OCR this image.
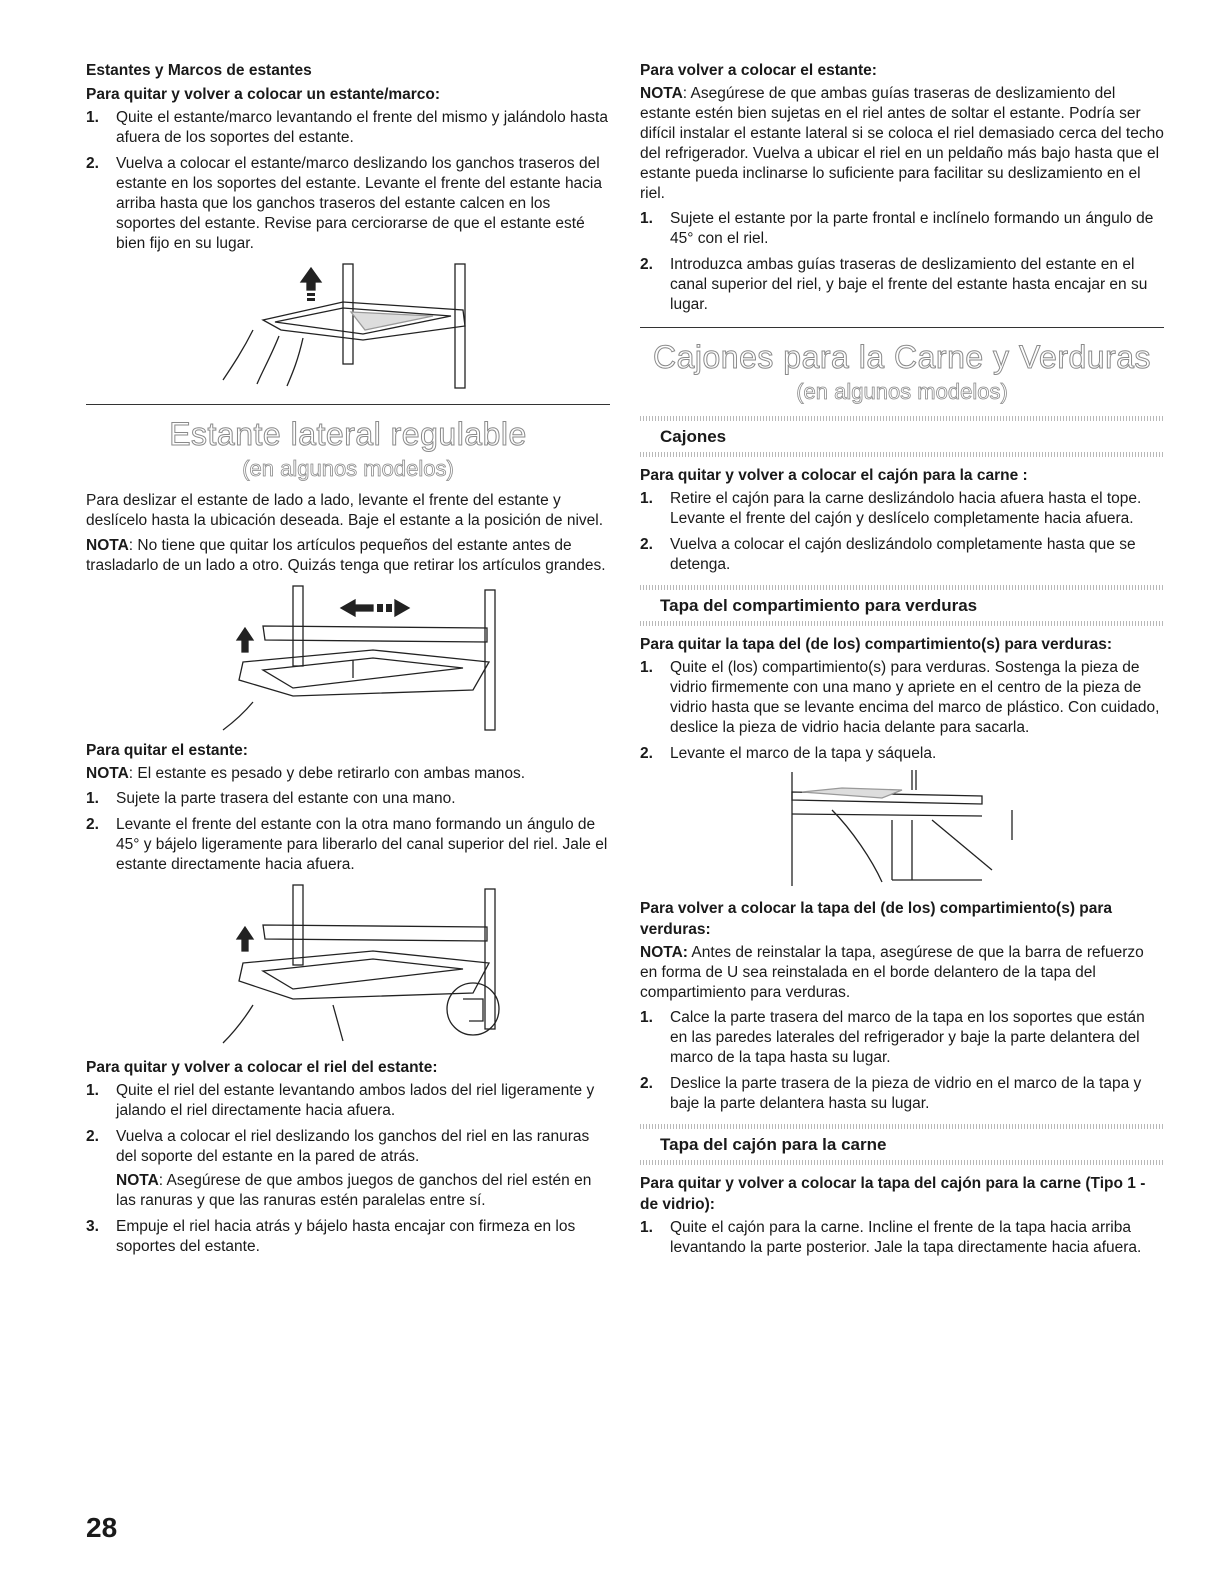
Estantes y Marcos de estantes
Para quitar y volver a colocar un estante/marco:
1. Quite el estante/marco levantando el frente del mismo y jalándolo hasta afuera de los soportes del estante.
2. Vuelva a colocar el estante/marco deslizando los ganchos traseros del estante en los soportes del estante. Levante el frente del estante hacia arriba hasta que los ganchos traseros del estante calcen en los soportes del estante. Revise para cerciorarse de que el estante esté bien fijo en su lugar.
Estante lateral regulable
(en algunos modelos)

Para deslizar el estante de lado a lado, levante el frente del estante y deslícelo hasta la ubicación deseada. Baje el estante a la posición de nivel.

NOTA: No tiene que quitar los artículos pequeños del estante antes de trasladarlo de un lado a otro. Quizás tenga que retirar los artículos grandes.

Para quitar el estante:

NOTA: El estante es pesado y debe retirarlo con ambas manos.

1. Sujete la parte trasera del estante con una mano.
2. Levante el frente del estante con la otra mano formando un ángulo de 45° y bájelo ligeramente para liberarlo del canal superior del riel. Jale el estante directamente hacia afuera.
Para quitar y volver a colocar el riel del estante:
1. Quite el riel del estante levantando ambos lados del riel ligeramente y jalando el riel directamente hacia afuera.
2. Vuelva a colocar el riel deslizando los ganchos del riel en las ranuras del soporte del estante en la pared de atrás.
NOTA: Asegúrese de que ambos juegos de ganchos del riel estén en las ranuras y que las ranuras estén paralelas entre sí.
3. Empuje el riel hacia atrás y bájelo hasta encajar con firmeza en los soportes del estante.
Para volver a colocar el estante:

NOTA: Asegúrese de que ambas guías traseras de deslizamiento del estante estén bien sujetas en el riel antes de soltar el estante. Podría ser difícil instalar el estante lateral si se coloca el riel demasiado cerca del techo del refrigerador. Vuelva a ubicar el riel en un peldaño más bajo hasta que el estante pueda inclinarse lo suficiente para facilitar su deslizamiento en el riel.

1. Sujete el estante por la parte frontal e inclínelo formando un ángulo de 45° con el riel.
2. Introduzca ambas guías traseras de deslizamiento del estante en el canal superior del riel, y baje el frente del estante hasta encajar en su lugar.
Cajones para la Carne y Verduras
(en algunos modelos)
Cajones
Para quitar y volver a colocar el cajón para la carne :
1. Retire el cajón para la carne deslizándolo hacia afuera hasta el tope. Levante el frente del cajón y deslícelo completamente hacia afuera.
2. Vuelva a colocar el cajón deslizándolo completamente hasta que se detenga.
Tapa del compartimiento para verduras
Para quitar la tapa del (de los) compartimiento(s) para verduras:
1. Quite el (los) compartimiento(s) para verduras. Sostenga la pieza de vidrio firmemente con una mano y apriete en el centro de la pieza de vidrio hasta que se levante encima del marco de plástico. Con cuidado, deslice la pieza de vidrio hacia delante para sacarla.
2. Levante el marco de la tapa y sáquela.
Para volver a colocar la tapa del (de los) compartimiento(s) para verduras:

NOTA: Antes de reinstalar la tapa, asegúrese de que la barra de refuerzo en forma de U sea reinstalada en el borde delantero de la tapa del compartimiento para verduras.

1. Calce la parte trasera del marco de la tapa en los soportes que están en las paredes laterales del refrigerador y baje la parte delantera del marco de la tapa hasta su lugar.
2. Deslice la parte trasera de la pieza de vidrio en el marco de la tapa y baje la parte delantera hasta su lugar.
Tapa del cajón para la carne
Para quitar y volver a colocar la tapa del cajón para la carne (Tipo 1 - de vidrio):
1. Quite el cajón para la carne. Incline el frente de la tapa hacia arriba levantando la parte posterior. Jale la tapa directamente hacia afuera.
28
